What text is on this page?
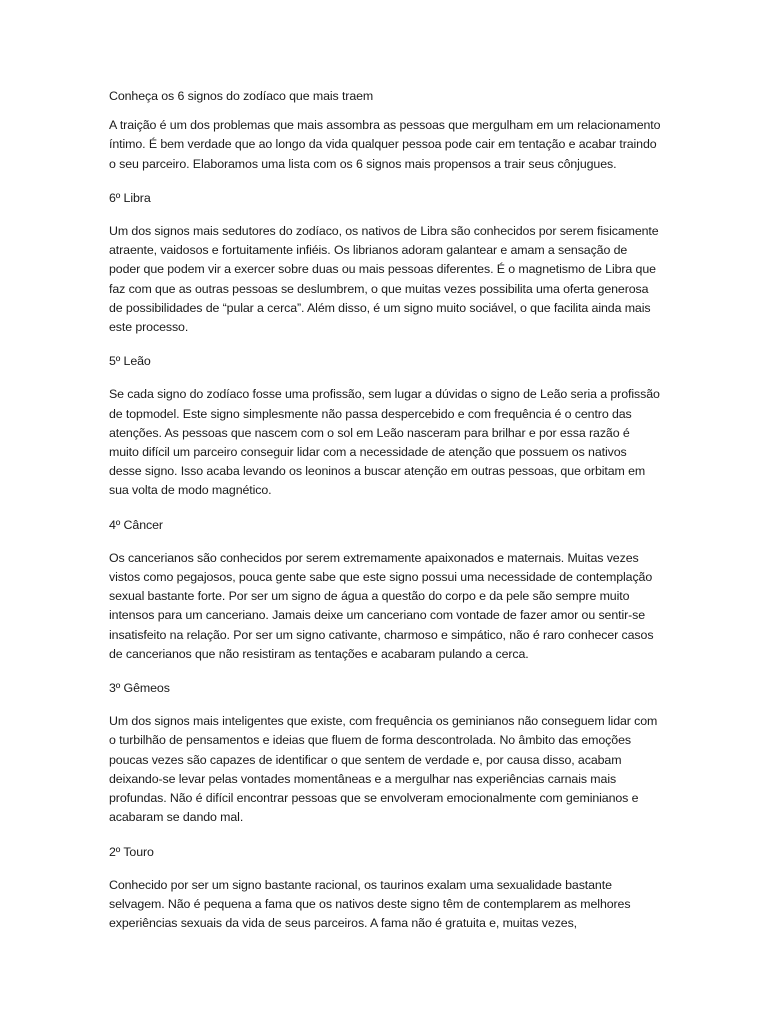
Conheça os 6 signos do zodíaco que mais traem

A traição é um dos problemas que mais assombra as pessoas que mergulham em um relacionamento íntimo. É bem verdade que ao longo da vida qualquer pessoa pode cair em tentação e acabar traindo o seu parceiro. Elaboramos uma lista com os 6 signos mais propensos a trair seus cônjugues.

6º Libra

Um dos signos mais sedutores do zodíaco, os nativos de Libra são conhecidos por serem fisicamente atraente, vaidosos e fortuitamente infiéis. Os librianos adoram galantear e amam a sensação de poder que podem vir a exercer sobre duas ou mais pessoas diferentes. É o magnetismo de Libra que faz com que as outras pessoas se deslumbrem, o que muitas vezes possibilita uma oferta generosa de possibilidades de “pular a cerca”. Além disso, é um signo muito sociável, o que facilita ainda mais este processo.

5º Leão

Se cada signo do zodíaco fosse uma profissão, sem lugar a dúvidas o signo de Leão seria a profissão de topmodel. Este signo simplesmente não passa despercebido e com frequência é o centro das atenções. As pessoas que nascem com o sol em Leão nasceram para brilhar e por essa razão é muito difícil um parceiro conseguir lidar com a necessidade de atenção que possuem os nativos desse signo. Isso acaba levando os leoninos a buscar atenção em outras pessoas, que orbitam em sua volta de modo magnético.

4º Câncer

Os cancerianos são conhecidos por serem extremamente apaixonados e maternais. Muitas vezes vistos como pegajosos, pouca gente sabe que este signo possui uma necessidade de contemplação sexual bastante forte. Por ser um signo de água a questão do corpo e da pele são sempre muito intensos para um canceriano. Jamais deixe um canceriano com vontade de fazer amor ou sentir-se insatisfeito na relação. Por ser um signo cativante, charmoso e simpático, não é raro conhecer casos de cancerianos que não resistiram as tentações e acabaram pulando a cerca.

3º Gêmeos

Um dos signos mais inteligentes que existe, com frequência os geminianos não conseguem lidar com o turbilhão de pensamentos e ideias que fluem de forma descontrolada. No âmbito das emoções poucas vezes são capazes de identificar o que sentem de verdade e, por causa disso, acabam deixando-se levar pelas vontades momentâneas e a mergulhar nas experiências carnais mais profundas. Não é difícil encontrar pessoas que se envolveram emocionalmente com geminianos e acabaram se dando mal.

2º Touro

Conhecido por ser um signo bastante racional, os taurinos exalam uma sexualidade bastante selvagem. Não é pequena a fama que os nativos deste signo têm de contemplarem as melhores experiências sexuais da vida de seus parceiros. A fama não é gratuita e, muitas vezes,
